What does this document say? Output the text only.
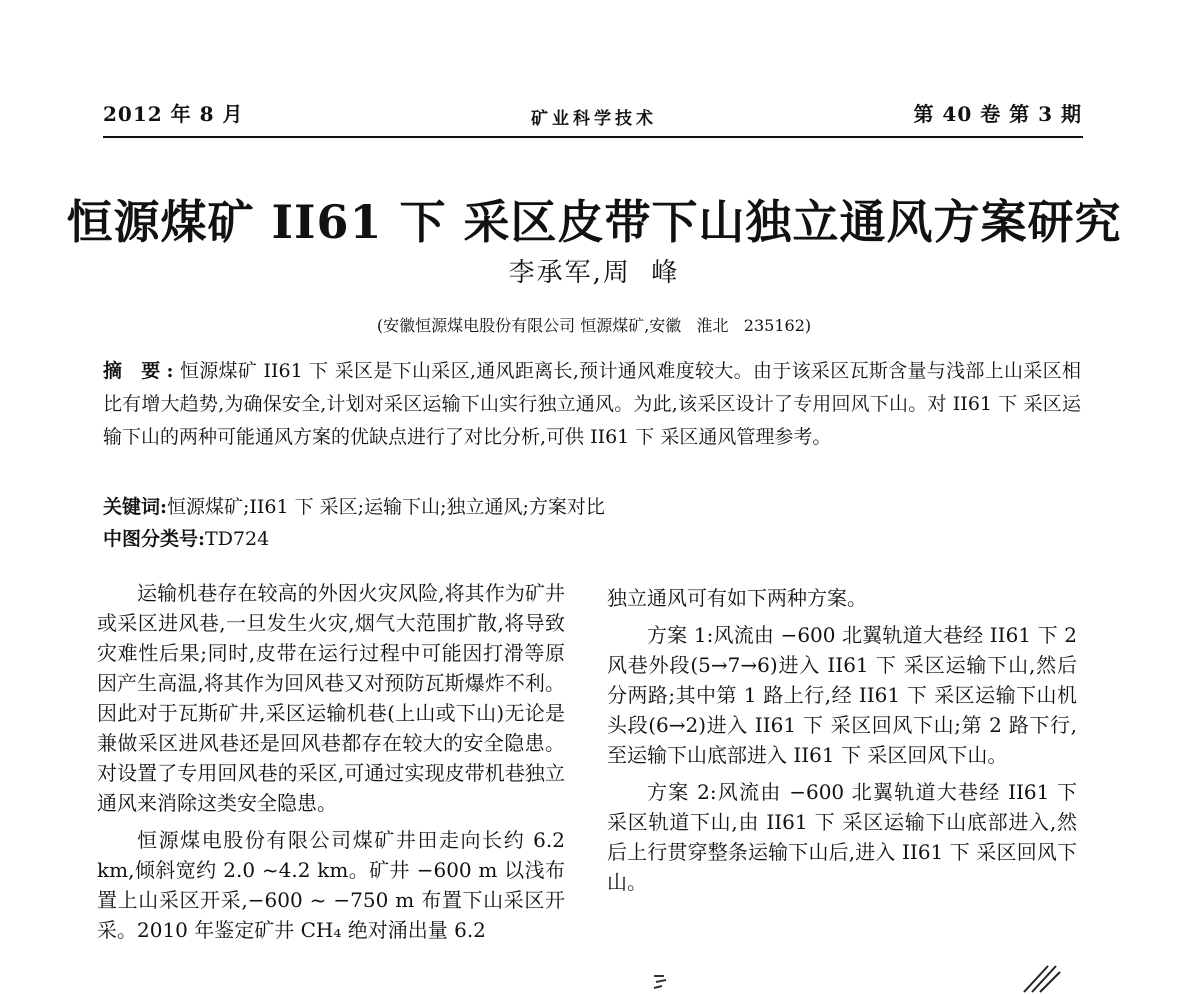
2012 年 8 月	矿业科学技术	第 40 卷 第 3 期
恒源煤矿 II61 下 采区皮带下山独立通风方案研究
李承军,周  峰
(安徽恒源煤电股份有限公司 恒源煤矿,安徽   淮北   235162)
摘 要:恒源煤矿 II61 下 采区是下山采区,通风距离长,预计通风难度较大。由于该采区瓦斯含量与浅部上山采区相比有增大趋势,为确保安全,计划对采区运输下山实行独立通风。为此,该采区设计了专用回风下山。对 II61 下 采区运输下山的两种可能通风方案的优缺点进行了对比分析,可供 II61 下 采区通风管理参考。
关键词:恒源煤矿;II61 下 采区;运输下山;独立通风;方案对比
中图分类号:TD724

运输机巷存在较高的外因火灾风险,将其作为矿井或采区进风巷,一旦发生火灾,烟气大范围扩散,将导致灾难性后果;同时,皮带在运行过程中可能因打滑等原因产生高温,将其作为回风巷又对预防瓦斯爆炸不利。因此对于瓦斯矿井,采区运输机巷(上山或下山)无论是兼做采区进风巷还是回风巷都存在较大的安全隐患。对设置了专用回风巷的采区,可通过实现皮带机巷独立通风来消除这类安全隐患。

恒源煤电股份有限公司煤矿井田走向长约 6.2 km,倾斜宽约 2.0 ~4.2 km。矿井 −600 m 以浅布置上山采区开采,−600 ~ −750 m 布置下山采区开采。2010 年鉴定矿井 CH₄ 绝对涌出量 6.2

独立通风可有如下两种方案。

方案 1:风流由 −600 北翼轨道大巷经 II61 下 2 风巷外段(5→7→6)进入 II61 下 采区运输下山,然后分两路;其中第 1 路上行,经 II61 下 采区运输下山机头段(6→2)进入 II61 下 采区回风下山;第 2 路下行,至运输下山底部进入 II61 下 采区回风下山。

方案 2:风流由 −600 北翼轨道大巷经 II61 下 采区轨道下山,由 II61 下 采区运输下山底部进入,然后上行贯穿整条运输下山后,进入 II61 下 采区回风下山。
